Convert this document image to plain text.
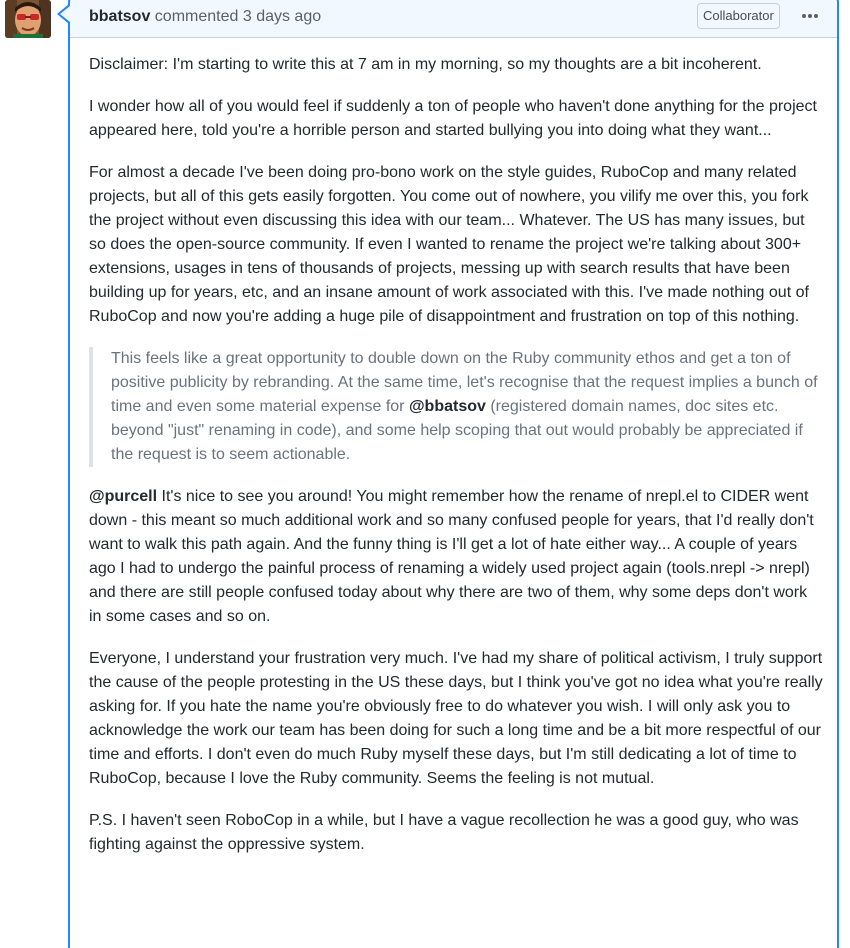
bbatsov commented 3 days ago	Collaborator

Disclaimer: I'm starting to write this at 7 am in my morning, so my thoughts are a bit incoherent.

I wonder how all of you would feel if suddenly a ton of people who haven't done anything for the project appeared here, told you're a horrible person and started bullying you into doing what they want...

For almost a decade I've been doing pro-bono work on the style guides, RuboCop and many related projects, but all of this gets easily forgotten. You come out of nowhere, you vilify me over this, you fork the project without even discussing this idea with our team... Whatever. The US has many issues, but so does the open-source community. If even I wanted to rename the project we're talking about 300+ extensions, usages in tens of thousands of projects, messing up with search results that have been building up for years, etc, and an insane amount of work associated with this. I've made nothing out of RuboCop and now you're adding a huge pile of disappointment and frustration on top of this nothing.

This feels like a great opportunity to double down on the Ruby community ethos and get a ton of positive publicity by rebranding. At the same time, let's recognise that the request implies a bunch of time and even some material expense for @bbatsov (registered domain names, doc sites etc. beyond "just" renaming in code), and some help scoping that out would probably be appreciated if the request is to seem actionable.

@purcell It's nice to see you around! You might remember how the rename of nrepl.el to CIDER went down - this meant so much additional work and so many confused people for years, that I'd really don't want to walk this path again. And the funny thing is I'll get a lot of hate either way... A couple of years ago I had to undergo the painful process of renaming a widely used project again (tools.nrepl -> nrepl) and there are still people confused today about why there are two of them, why some deps don't work in some cases and so on.

Everyone, I understand your frustration very much. I've had my share of political activism, I truly support the cause of the people protesting in the US these days, but I think you've got no idea what you're really asking for. If you hate the name you're obviously free to do whatever you wish. I will only ask you to acknowledge the work our team has been doing for such a long time and be a bit more respectful of our time and efforts. I don't even do much Ruby myself these days, but I'm still dedicating a lot of time to RuboCop, because I love the Ruby community. Seems the feeling is not mutual.

P.S. I haven't seen RoboCop in a while, but I have a vague recollection he was a good guy, who was fighting against the oppressive system.
